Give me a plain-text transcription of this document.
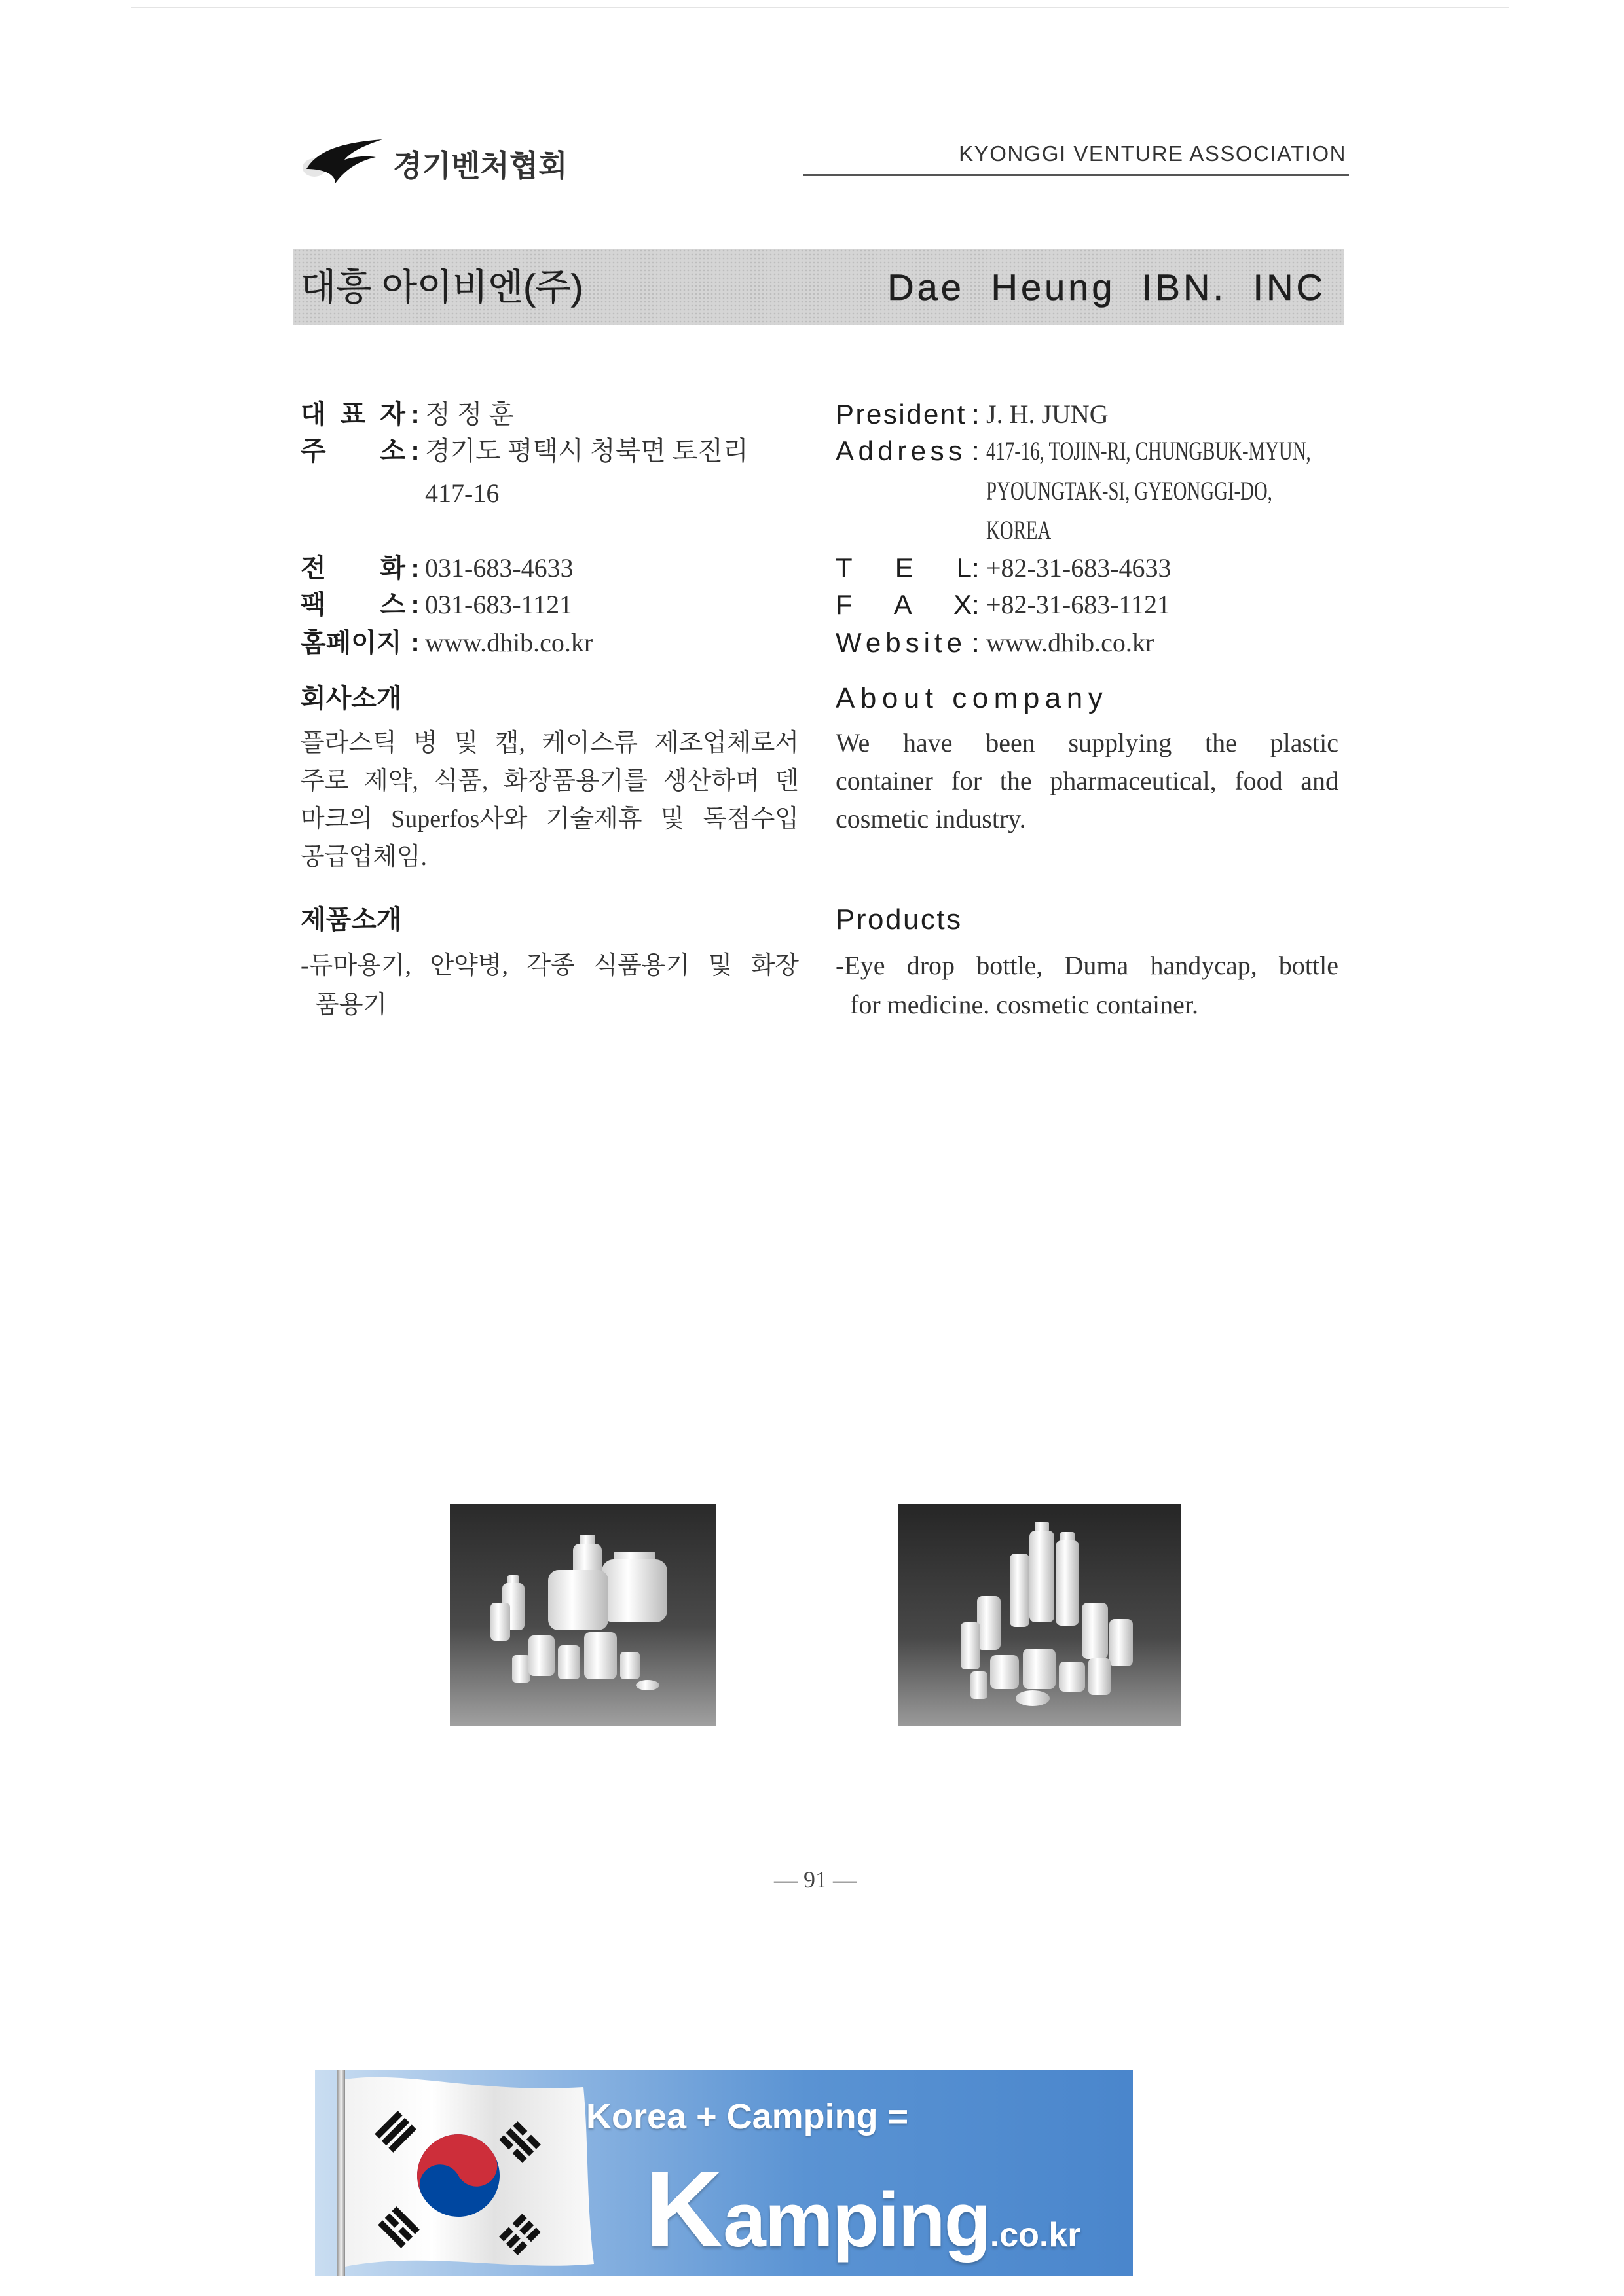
경기벤처협회	KYONGGI VENTURE ASSOCIATION
대흥 아이비엔(주)	Dae Heung IBN. INC
대 표 자 : 정 정 훈
주 소 : 경기도 평택시 청북면 토진리
417-16
전 화 : 031-683-4633
팩 스 : 031-683-1121
홈페이지 : www.dhib.co.kr
President : J. H. JUNG
Address : 417-16, TOJIN-RI, CHUNGBUK-MYUN,
PYOUNGTAK-SI, GYEONGGI-DO,
KOREA
T E L: +82-31-683-4633
F A X: +82-31-683-1121
Website : www.dhib.co.kr
회사소개	About company
플라스틱 병 및 캡, 케이스류 제조업체로서
주로 제약, 식품, 화장품용기를 생산하며 덴
마크의 Superfos사와 기술제휴 및 독점수입
공급업체임.
We have been supplying the plastic
container for the pharmaceutical, food and
cosmetic industry.
제품소개	Products
-듀마용기, 안약병, 각종 식품용기 및 화장
품용기
-Eye drop bottle, Duma handycap, bottle
for medicine. cosmetic container.
— 91 —
Korea + Camping =
K amping .co.kr
